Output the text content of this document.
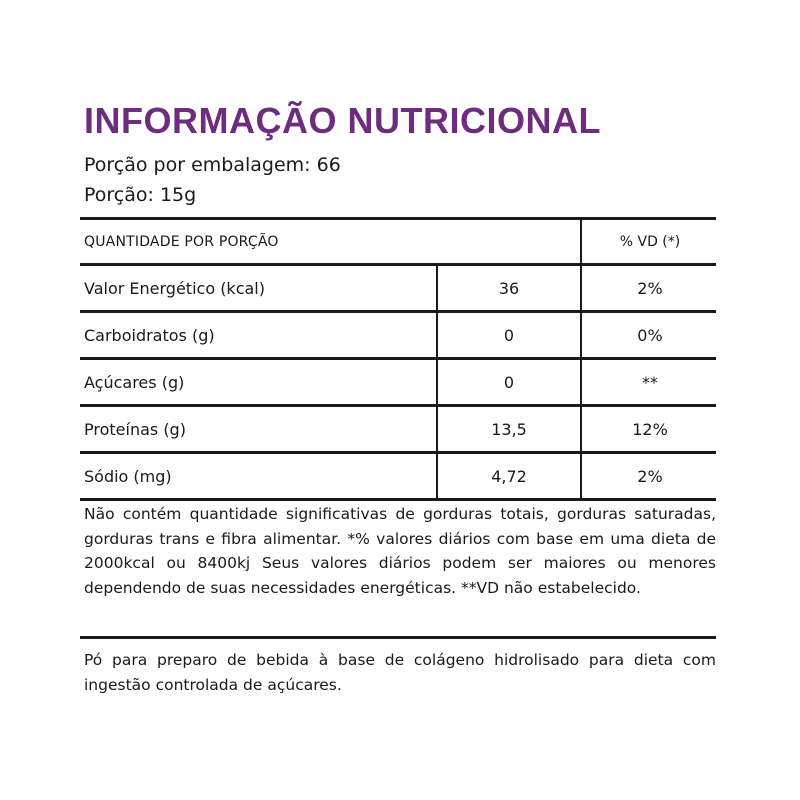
INFORMAÇÃO NUTRICIONAL
Porção por embalagem: 66
Porção: 15g
QUANTIDADE POR PORÇÃO	% VD (*)
Valor Energético (kcal)	36	2%
Carboidratos (g)	0	0%
Açúcares (g)	0	**
Proteínas (g)	13,5	12%
Sódio (mg)	4,72	2%
Não contém quantidade significativas de gorduras totais, gorduras saturadas, gorduras trans e fibra alimentar. *% valores diários com base em uma dieta de 2000kcal ou 8400kj Seus valores diários podem ser maiores ou menores dependendo de suas necessidades energéticas. **VD não estabelecido.
Pó para preparo de bebida à base de colágeno hidrolisado para dieta com ingestão controlada de açúcares.
